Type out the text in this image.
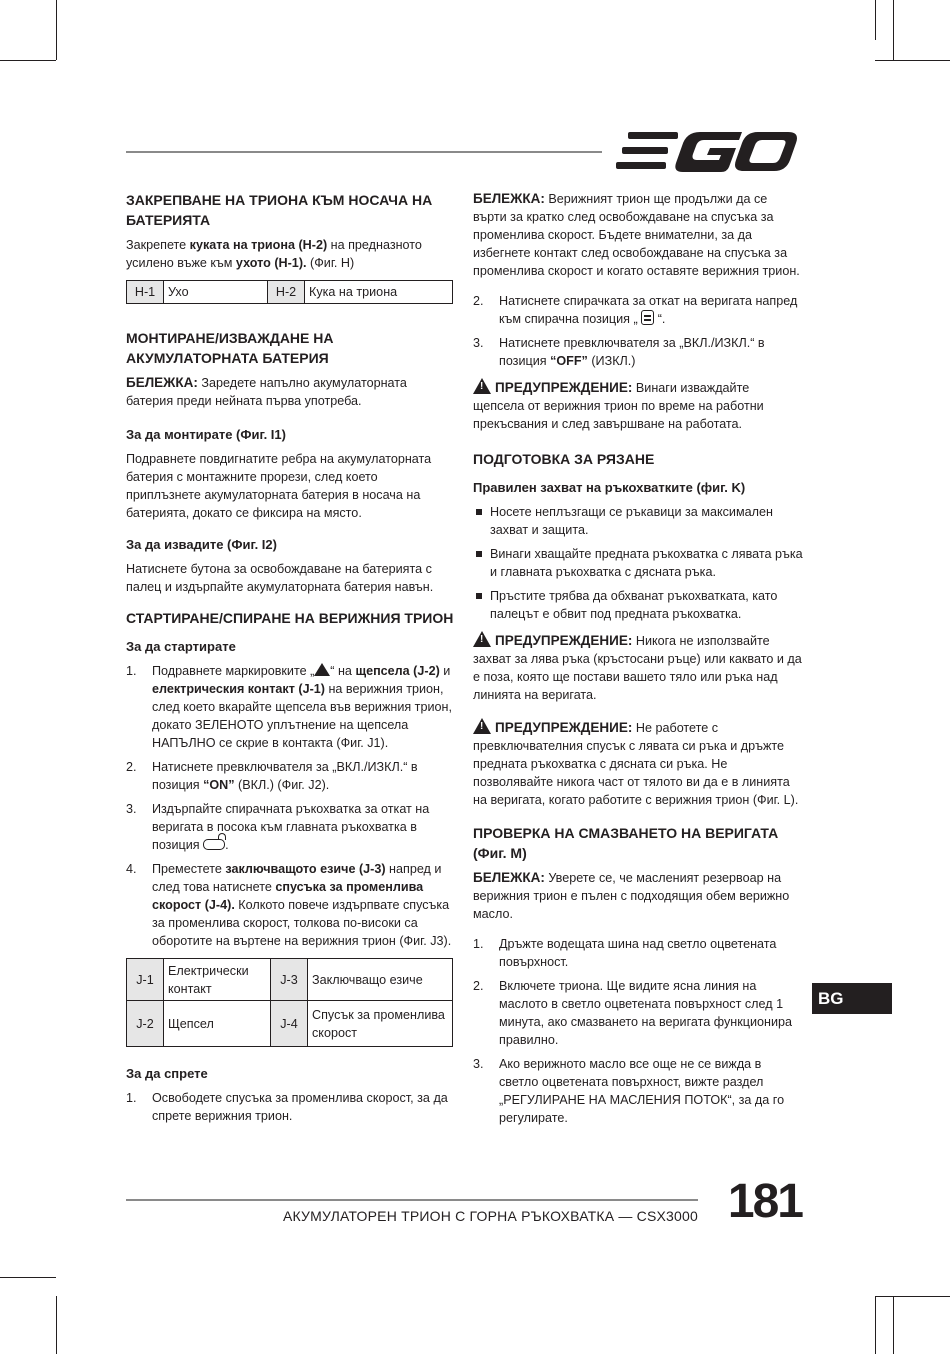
ЗАКРЕПВАНЕ НА ТРИОНА КЪМ НОСАЧА НА БАТЕРИЯТА

Закрепете куката на триона (H-2) на предназното усилено въже към ухото (H-1). (Фиг. H)

H-1	Ухо	H-2	Кука на триона
МОНТИРАНЕ/ИЗВАЖДАНЕ НА АКУМУЛАТОРНАТА БАТЕРИЯ

БЕЛЕЖКА: Заредете напълно акумулаторната батерия преди нейната първа употреба.

За да монтирате (Фиг. I1)

Подравнете повдигнатите ребра на акумулаторната батерия с монтажните прорези, след което приплъзнете акумулаторната батерия в носача на батерията, докато се фиксира на място.

За да извадите (Фиг. I2)

Натиснете бутона за освобождаване на батерията с палец и издърпайте акумулаторната батерия навън.

СТАРТИРАНЕ/СПИРАНЕ НА ВЕРИЖНИЯ ТРИОН
За да стартирате
1. Подравнете маркировките „ “ на щепсела (J-2) и електрическия контакт (J-1) на верижния трион, след което вкарайте щепсела във верижния трион, докато ЗЕЛЕНОТО уплътнение на щепсела НАПЪЛНО се скрие в контакта (Фиг. J1).
2. Натиснете превключвателя за „ВКЛ./ИЗКЛ.“ в позиция “ON” (ВКЛ.) (Фиг. J2).
3. Издърпайте спирачната ръкохватка за откат на веригата в посока към главната ръкохватка в позиция .
4. Преместете заключващото езиче (J-3) напред и след това натиснете спусъка за променлива скорост (J-4). Колкото повече издърпвате спусъка за променлива скорост, толкова по-високи са оборотите на въртене на верижния трион (Фиг. J3).
J-1	Електрически контакт	J-3	Заключващо езиче
J-2	Щепсел	J-4	Спусък за променлива скорост
За да спрете
1. Освободете спусъка за променлива скорост, за да спрете верижния трион.

БЕЛЕЖКА: Верижният трион ще продължи да се върти за кратко след освобождаване на спусъка за променлива скорост. Бъдете внимателни, за да избегнете контакт след освобождаване на спусъка за променлива скорост и когато оставяте верижния трион.

2. Натиснете спирачката за откат на веригата напред към спирачна позиция „  “.
3. Натиснете превключвателя за „ВКЛ./ИЗКЛ.“ в позиция “OFF” (ИЗКЛ.)

!ПРЕДУПРЕЖДЕНИЕ: Винаги изваждайте щепсела от верижния трион по време на работни прекъсвания и след завършване на работата.

ПОДГОТОВКА ЗА РЯЗАНЕ
Правилен захват на ръкохватките (фиг. K)
Носете неплъзгащи се ръкавици за максимален захват и защита.
Винаги хващайте предната ръкохватка с лявата ръка и главната ръкохватка с дясната ръка.
Пръстите трябва да обхванат ръкохватката, като палецът е обвит под предната ръкохватка.

!ПРЕДУПРЕЖДЕНИЕ: Никога не използвайте захват за лява ръка (кръстосани ръце) или каквато и да е поза, която ще постави вашето тяло или ръка над линията на веригата.

!ПРЕДУПРЕЖДЕНИЕ: Не работете с превключвателния спусък с лявата си ръка и дръжте предната ръкохватка с дясната си ръка. Не позволявайте никога част от тялото ви да е в линията на веригата, когато работите с верижния трион (Фиг. L).

ПРОВЕРКА НА СМАЗВАНЕТО НА ВЕРИГАТА (Фиг. M)

БЕЛЕЖКА: Уверете се, че масленият резервоар на верижния трион е пълен с подходящия обем верижно масло.

1. Дръжте водещата шина над светло оцветената повърхност.
2. Включете триона. Ще видите ясна линия на маслото в светло оцветената повърхност след 1 минута, ако смазването на веригата функционира правилно.
3. Ако верижното масло все още не се вижда в светло оцветената повърхност, вижте раздел „РЕГУЛИРАНЕ НА МАСЛЕНИЯ ПОТОК“, за да го регулирате.
BG
АКУМУЛАТОРЕН ТРИОН С ГОРНА РЪКОХВАТКА — CSX3000 181
